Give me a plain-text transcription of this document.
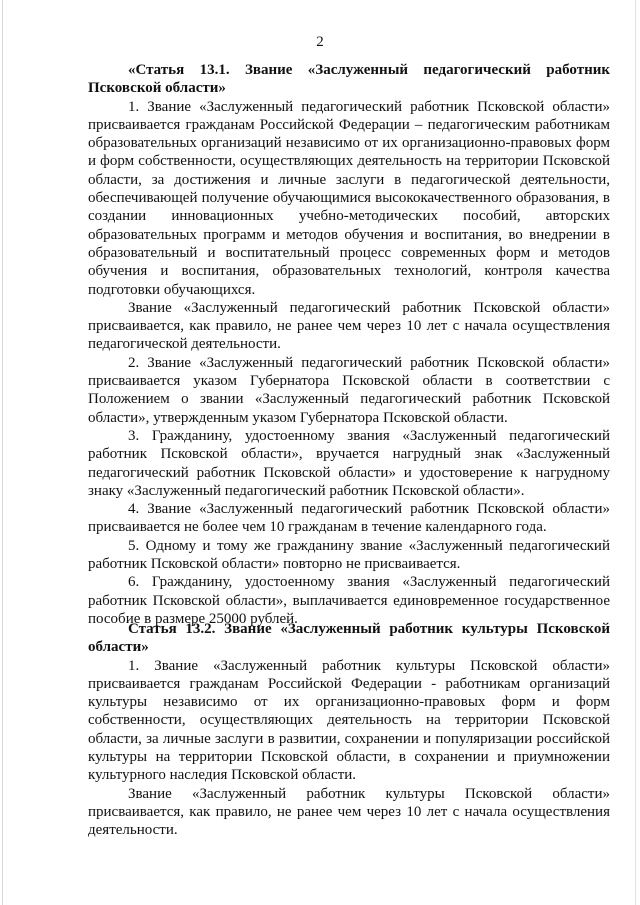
2

«Статья 13.1. Звание «Заслуженный педагогический работник Псковской области»

1. Звание «Заслуженный педагогический работник Псковской области» присваивается гражданам Российской Федерации – педагогическим работникам образовательных организаций независимо от их организационно-правовых форм и форм собственности, осуществляющих деятельность на территории Псковской области, за достижения и личные заслуги в педагогической деятельности, обеспечивающей получение обучающимися высококачественного образования, в создании инновационных учебно-методических пособий, авторских образовательных программ и методов обучения и воспитания, во внедрении в образовательный и воспитательный процесс современных форм и методов обучения и воспитания, образовательных технологий, контроля качества подготовки обучающихся.

Звание «Заслуженный педагогический работник Псковской области» присваивается, как правило, не ранее чем через 10 лет с начала осуществления педагогической деятельности.

2. Звание «Заслуженный педагогический работник Псковской области» присваивается указом Губернатора Псковской области в соответствии с Положением о звании «Заслуженный педагогический работник Псковской области», утвержденным указом Губернатора Псковской области.

3. Гражданину, удостоенному звания «Заслуженный педагогический работник Псковской области», вручается нагрудный знак «Заслуженный педагогический работник Псковской области» и удостоверение к нагрудному знаку «Заслуженный педагогический работник Псковской области».

4. Звание «Заслуженный педагогический работник Псковской области» присваивается не более чем 10 гражданам в течение календарного года.

5. Одному и тому же гражданину звание «Заслуженный педагогический работник Псковской области» повторно не присваивается.

6. Гражданину, удостоенному звания «Заслуженный педагогический работник Псковской области», выплачивается единовременное государственное пособие в размере 25000 рублей.

Статья 13.2. Звание «Заслуженный работник культуры Псковской области»

1. Звание «Заслуженный работник культуры Псковской области» присваивается гражданам Российской Федерации - работникам организаций культуры независимо от их организационно-правовых форм и форм собственности, осуществляющих деятельность на территории Псковской области, за личные заслуги в развитии, сохранении и популяризации российской культуры на территории Псковской области, в сохранении и приумножении культурного наследия Псковской области.

Звание «Заслуженный работник культуры Псковской области» присваивается, как правило, не ранее чем через 10 лет с начала осуществления деятельности.
